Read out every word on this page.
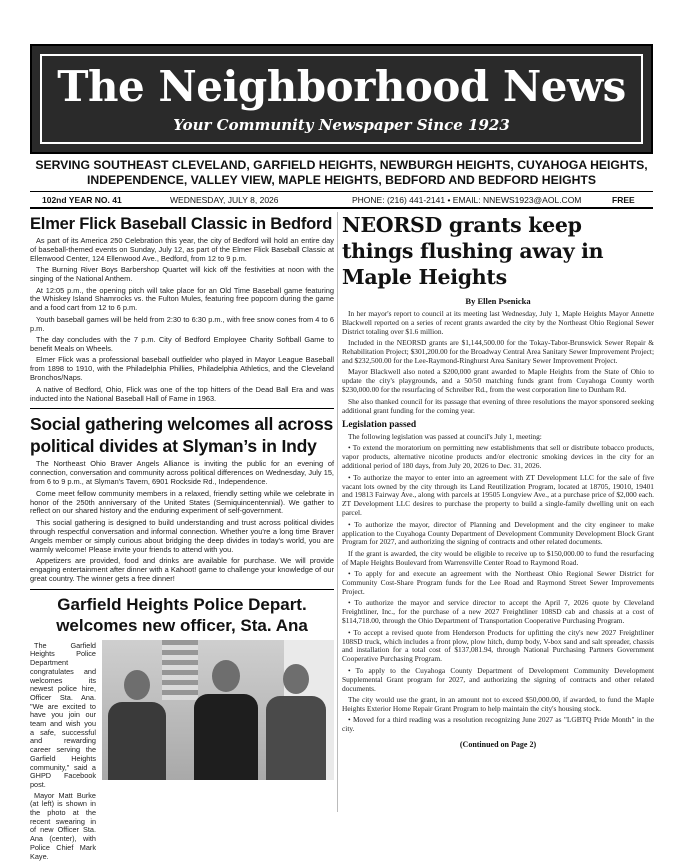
The Neighborhood News
Your Community Newspaper Since 1923
SERVING SOUTHEAST CLEVELAND, GARFIELD HEIGHTS, NEWBURGH HEIGHTS, CUYAHOGA HEIGHTS,
INDEPENDENCE, VALLEY VIEW, MAPLE HEIGHTS, BEDFORD AND BEDFORD HEIGHTS
102nd YEAR NO. 41	WEDNESDAY, JULY 8, 2026	PHONE: (216) 441-2141 • EMAIL: NNEWS1923@AOL.COM	FREE
Elmer Flick Baseball Classic in Bedford

As part of its America 250 Celebration this year, the city of Bedford will hold an entire day of baseball-themed events on Sunday, July 12, as part of the Elmer Flick Baseball Classic at Ellenwood Center, 124 Ellenwood Ave., Bedford, from 12 to 9 p.m.

The Burning River Boys Barbershop Quartet will kick off the festivities at noon with the singing of the National Anthem.

At 12:05 p.m., the opening pitch will take place for an Old Time Baseball game featuring the Whiskey Island Shamrocks vs. the Fulton Mules, featuring free popcorn during the game and a food cart from 12 to 6 p.m.

Youth baseball games will be held from 2:30 to 6:30 p.m., with free snow cones from 4 to 6 p.m.

The day concludes with the 7 p.m. City of Bedford Employee Charity Softball Game to benefit Meals on Wheels.

Elmer Flick was a professional baseball outfielder who played in Mayor League Baseball from 1898 to 1910, with the Philadelphia Phillies, Philadelphia Athletics, and the Cleveland Bronchos/Naps.

A native of Bedford, Ohio, Flick was one of the top hitters of the Dead Ball Era and was inducted into the National Baseball Hall of Fame in 1963.

Social gathering welcomes all across political divides at Slyman’s in Indy

The Northeast Ohio Braver Angels Alliance is inviting the public for an evening of connection, conversation and community across political differences on Wednesday, July 15, from 6 to 9 p.m., at Slyman's Tavern, 6901 Rockside Rd., Independence.

Come meet fellow community members in a relaxed, friendly setting while we celebrate in honor of the 250th anniversary of the United States (Semiquincentennial). We gather to reflect on our shared history and the enduring experiment of self-government.

This social gathering is designed to build understanding and trust across political divides through respectful conversation and informal connection. Whether you're a long time Braver Angels member or simply curious about bridging the deep divides in today's world, you are warmly welcome! Please invite your friends to attend with you.

Appetizers are provided, food and drinks are available for purchase. We will provide engaging entertainment after dinner with a Kahoot! game to challenge your knowledge of our great country. The winner gets a free dinner!

Garfield Heights Police Depart.
welcomes new officer, Sta. Ana

The Garfield Heights Police Department congratulates and welcomes its newest police hire, Officer Sta. Ana. "We are excited to have you join our team and wish you a safe, successful and rewarding career serving the Garfield Heights community," said a GHPD Facebook post.

Mayor Matt Burke (at left) is shown in the photo at the recent swearing in of new Officer Sta. Ana (center), with Police Chief Mark Kaye.

NEORSD grants keep things flushing away in Maple Heights
By Ellen Psenicka

In her mayor's report to council at its meeting last Wednesday, July 1, Maple Heights Mayor Annette Blackwell reported on a series of recent grants awarded the city by the Northeast Ohio Regional Sewer District totaling over $1.6 million.

Included in the NEORSD grants are $1,144,500.00 for the Tokay-Tabor-Brunswick Sewer Repair & Rehabilitation Project; $301,200.00 for the Broadway Central Area Sanitary Sewer Improvement Project; and $232,500.00 for the Lee-Raymond-Ringhurst Area Sanitary Sewer Improvement Project.

Mayor Blackwell also noted a $200,000 grant awarded to Maple Heights from the State of Ohio to update the city's playgrounds, and a 50/50 matching funds grant from Cuyahoga County worth $230,000.00 for the resurfacing of Schreiber Rd., from the west corporation line to Dunham Rd.

She also thanked council for its passage that evening of three resolutions the mayor sponsored seeking additional grant funding for the coming year.

Legislation passed

The following legislation was passed at council's July 1, meeting:

• To extend the moratorium on permitting new establishments that sell or distribute tobacco products, vapor products, alternative nicotine products and/or electronic smoking devices in the city for an additional period of 180 days, from July 20, 2026 to Dec. 31, 2026.

• To authorize the mayor to enter into an agreement with ZT Development LLC for the sale of five vacant lots owned by the city through its Land Reutilization Program, located at 18705, 19010, 19401 and 19813 Fairway Ave., along with parcels at 19505 Longview Ave., at a purchase price of $2,000 each. ZT Development LLC desires to purchase the property to build a single-family dwelling unit on each parcel.

• To authorize the mayor, director of Planning and Development and the city engineer to make application to the Cuyahoga County Department of Development Community Development Block Grant Program for 2027, and authorizing the signing of contracts and other related documents.

If the grant is awarded, the city would be eligible to receive up to $150,000.00 to fund the resurfacing of Maple Heights Boulevard from Warrensville Center Road to Raymond Road.

• To apply for and execute an agreement with the Northeast Ohio Regional Sewer District for Community Cost-Share Program funds for the Lee Road and Raymond Street Sewer Improvements Project.

• To authorize the mayor and service director to accept the April 7, 2026 quote by Cleveland Freightliner, Inc., for the purchase of a new 2027 Freightliner 108SD cab and chassis at a cost of $114,718.00, through the Ohio Department of Transportation Cooperative Purchasing Program.

• To accept a revised quote from Henderson Products for upfitting the city's new 2027 Freightliner 108SD truck, which includes a front plow, plow hitch, dump body, V-box sand and salt spreader, chassis and installation for a total cost of $137,081.94, through National Purchasing Partners Government Cooperative Purchasing Program.

• To apply to the Cuyahoga County Department of Development Community Development Supplemental Grant program for 2027, and authorizing the signing of contracts and other related documents.

The city would use the grant, in an amount not to exceed $50,000.00, if awarded, to fund the Maple Heights Exterior Home Repair Grant Program to help maintain the city's housing stock.

• Moved for a third reading was a resolution recognizing June 2027 as "LGBTQ Pride Month" in the city.

(Continued on Page 2)
